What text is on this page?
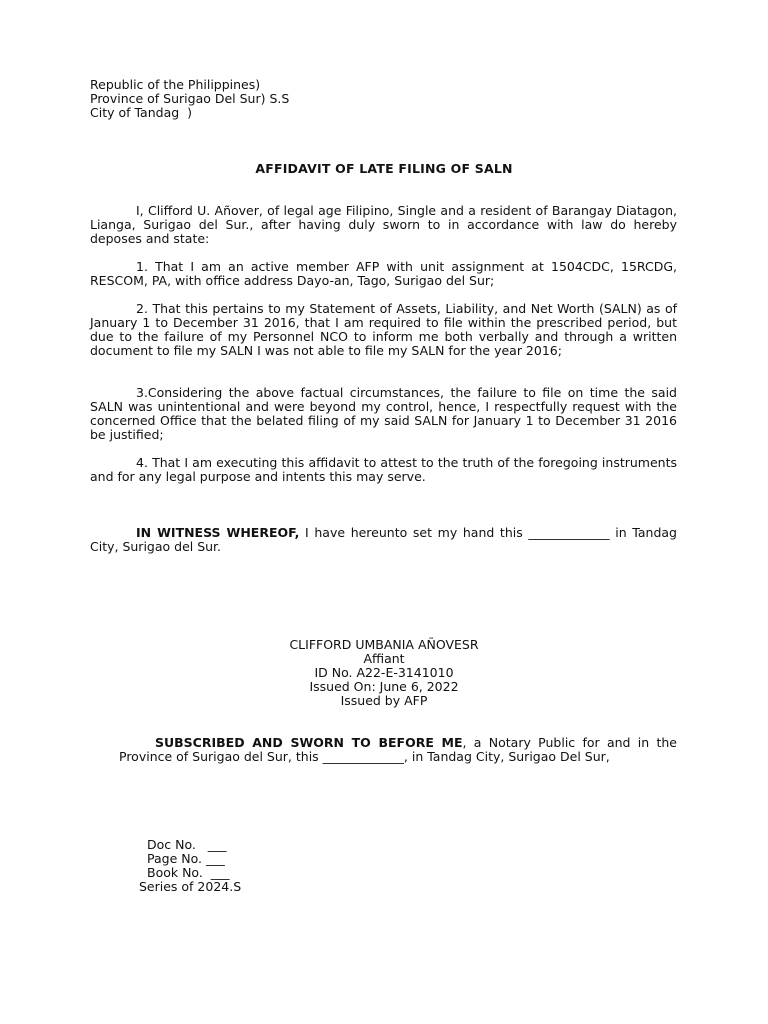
Republic of the Philippines)
Province of Surigao Del Sur) S.S
City of Tandag  )
AFFIDAVIT OF LATE FILING OF SALN
I, Clifford U. Añover, of legal age Filipino, Single and a resident of Barangay Diatagon, Lianga, Surigao del Sur., after having duly sworn to in accordance with law do hereby deposes and state:
1. That I am an active member AFP with unit assignment at 1504CDC, 15RCDG, RESCOM, PA, with office address Dayo-an, Tago, Surigao del Sur;
2. That this pertains to my Statement of Assets, Liability, and Net Worth (SALN) as of January 1 to December 31 2016, that I am required to file within the prescribed period, but due to the failure of my Personnel NCO to inform me both verbally and through a written document to file my SALN I was not able to file my SALN for the year 2016;
3.Considering the above factual circumstances, the failure to file on time the said SALN was unintentional and were beyond my control, hence, I respectfully request with the concerned Office that the belated filing of my said SALN for January 1 to December 31 2016 be justified;
4. That I am executing this affidavit to attest to the truth of the foregoing instruments and for any legal purpose and intents this may serve.
IN WITNESS WHEREOF, I have hereunto set my hand this _____________ in Tandag City, Surigao del Sur.
CLIFFORD UMBANIA AÑOVESR
Affiant
ID No. A22-E-3141010
Issued On: June 6, 2022
Issued by AFP
SUBSCRIBED AND SWORN TO BEFORE ME, a Notary Public for and in the Province of Surigao del Sur, this _____________, in Tandag City, Surigao Del Sur,
Doc No.   ___
Page No. ___
Book No.  ___
Series of 2024.S
